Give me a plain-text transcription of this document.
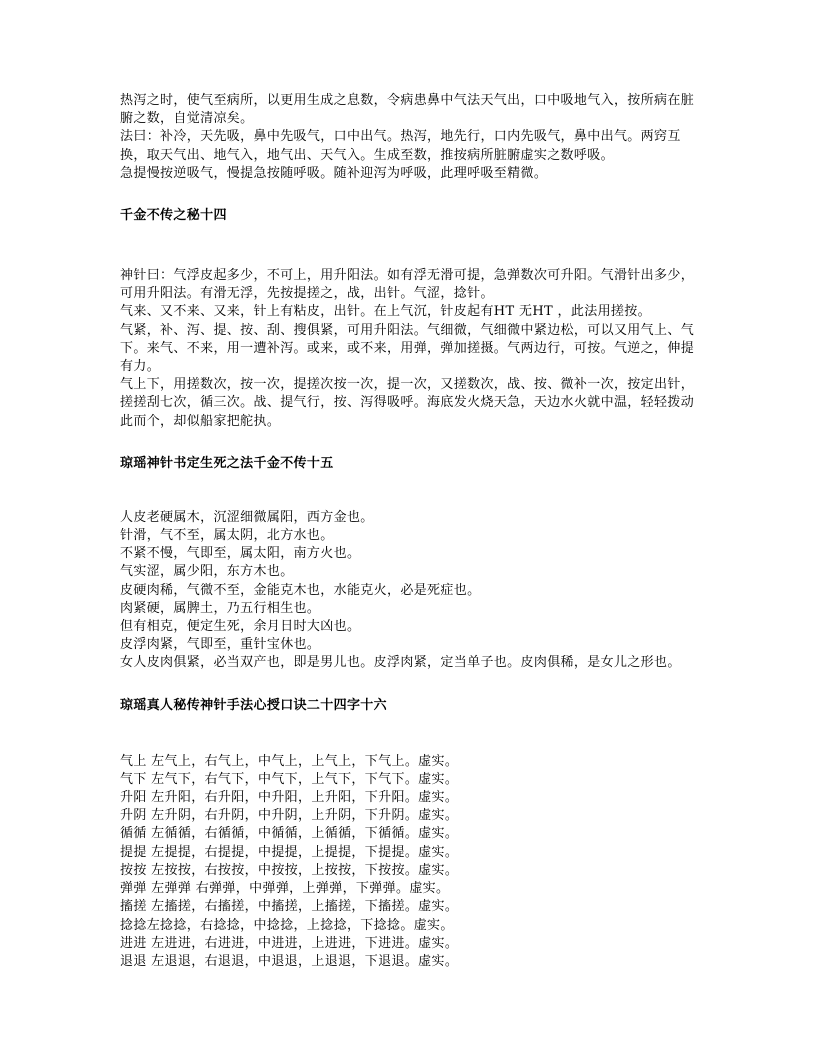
热泻之时，使气至病所，以更用生成之息数，令病患鼻中气法天气出，口中吸地气入，按所病在脏腑之数，自觉清凉矣。

法曰：补冷，天先吸，鼻中先吸气，口中出气。热泻，地先行，口内先吸气，鼻中出气。两窍互换，取天气出、地气入，地气出、天气入。生成至数，推按病所脏腑虚实之数呼吸。

急提慢按逆吸气，慢提急按随呼吸。随补迎泻为呼吸，此理呼吸至精微。

千金不传之秘十四

神针曰：气浮皮起多少，不可上，用升阳法。如有浮无滑可提，急弹数次可升阳。气滑针出多少，可用升阳法。有滑无浮，先按提搓之，战，出针。气涩，捻针。

气来、又不来、又来，针上有粘皮，出针。在上气沉，针皮起有HT 无HT ，此法用搓按。

气紧，补、泻、提、按、刮、搜俱紧，可用升阳法。气细微，气细微中紧边松，可以又用气上、气下。来气、不来，用一遭补泻。或来，或不来，用弹，弹加搓摄。气两边行，可按。气逆之，伸提有力。

气上下，用搓数次，按一次，提搓次按一次，提一次，又搓数次，战、按、微补一次，按定出针，搓搓刮七次，循三次。战、提气行，按、泻得吸呼。海底发火烧天急，天边水火就中温，轻轻拨动此而个，却似船家把舵执。

琼瑶神针书定生死之法千金不传十五

人皮老硬属木，沉涩细微属阳，西方金也。

针滑，气不至，属太阴，北方水也。

不紧不慢，气即至，属太阳，南方火也。

气实涩，属少阳，东方木也。

皮硬肉稀，气微不至，金能克木也，水能克火，必是死症也。

肉紧硬，属脾土，乃五行相生也。

但有相克，便定生死，余月日时大凶也。

皮浮肉紧，气即至，重针宝休也。

女人皮肉俱紧，必当双产也，即是男儿也。皮浮肉紧，定当单子也。皮肉俱稀，是女儿之形也。

琼瑶真人秘传神针手法心授口诀二十四字十六

气上 左气上，右气上，中气上，上气上，下气上。虚实。

气下 左气下，右气下，中气下，上气下，下气下。虚实。

升阳 左升阳，右升阳，中升阳，上升阳，下升阳。虚实。

升阴 左升阴，右升阴，中升阴，上升阴，下升阴。虚实。

循循 左循循，右循循，中循循，上循循，下循循。虚实。

提提 左提提，右提提，中提提，上提提，下提提。虚实。

按按 左按按，右按按，中按按，上按按，下按按。虚实。

弹弹 左弹弹 右弹弹，中弹弹，上弹弹，下弹弹。虚实。

搐搓 左搐搓，右搐搓，中搐搓，上搐搓，下搐搓。虚实。

捻捻左捻捻，右捻捻，中捻捻，上捻捻，下捻捻。虚实。

进进 左进进，右进进，中进进，上进进，下进进。虚实。

退退 左退退，右退退，中退退，上退退，下退退。虚实。
